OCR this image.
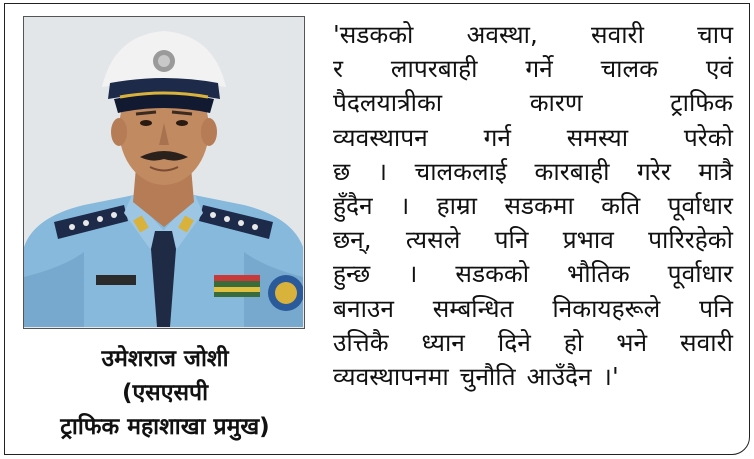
उमेशराज जोशी
(एसएसपी
ट्राफिक महाशाखा प्रमुख)
'सडकको अवस्था, सवारी चाप
र लापरबाही गर्ने चालक एवं
पैदलयात्रीका	कारण	ट्राफिक
व्यवस्थापन गर्न समस्या परेको
छ । चालकलाई कारबाही गरेर मात्रै
हुँदैन । हाम्रा सडकमा कति पूर्वाधार
छन्, त्यसले पनि प्रभाव पारिरहेको
हुन्छ । सडकको भौतिक पूर्वाधार
बनाउन सम्बन्धित निकायहरूले पनि
उत्तिकै ध्यान दिने हो भने सवारी
व्यवस्थापनमा चुनौति आउँदैन ।'
